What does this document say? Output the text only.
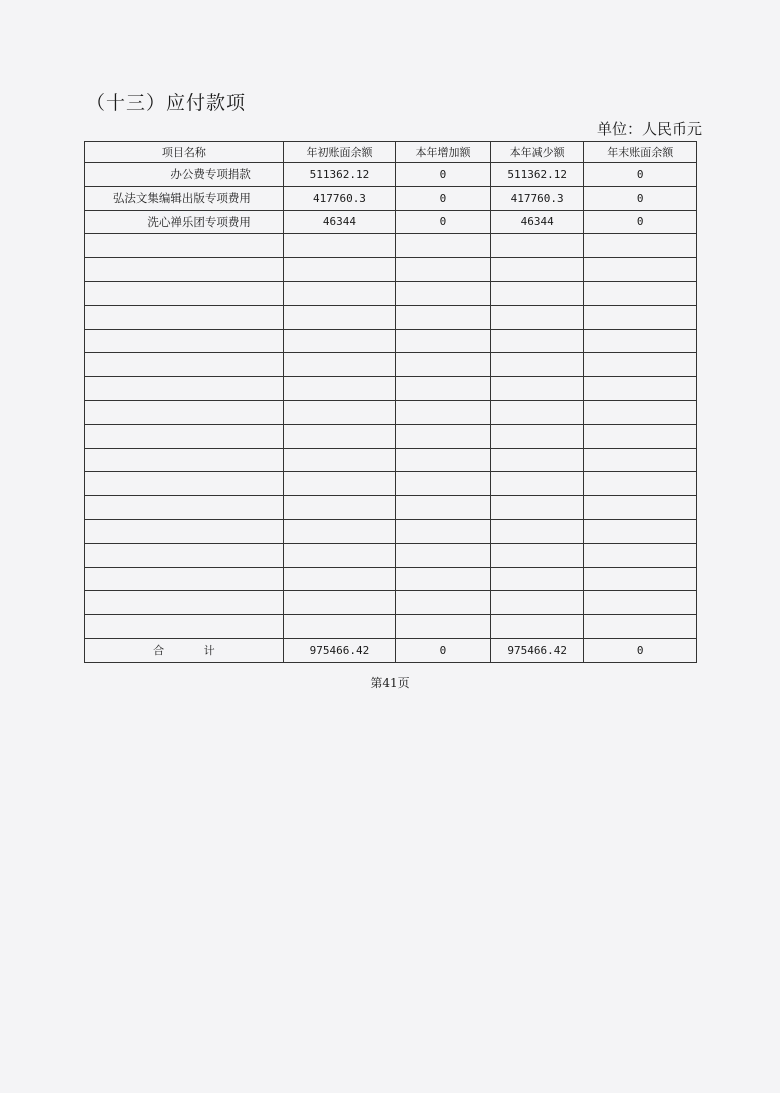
（十三）应付款项
单位：人民币元
项目名称	年初账面余额	本年增加额	本年减少额	年末账面余额
办公费专项捐款	511362.12	0	511362.12	0
弘法文集编辑出版专项费用	417760.3	0	417760.3	0
洗心禅乐团专项费用	46344	0	46344	0

合 计	975466.42	0	975466.42	0
第41页
